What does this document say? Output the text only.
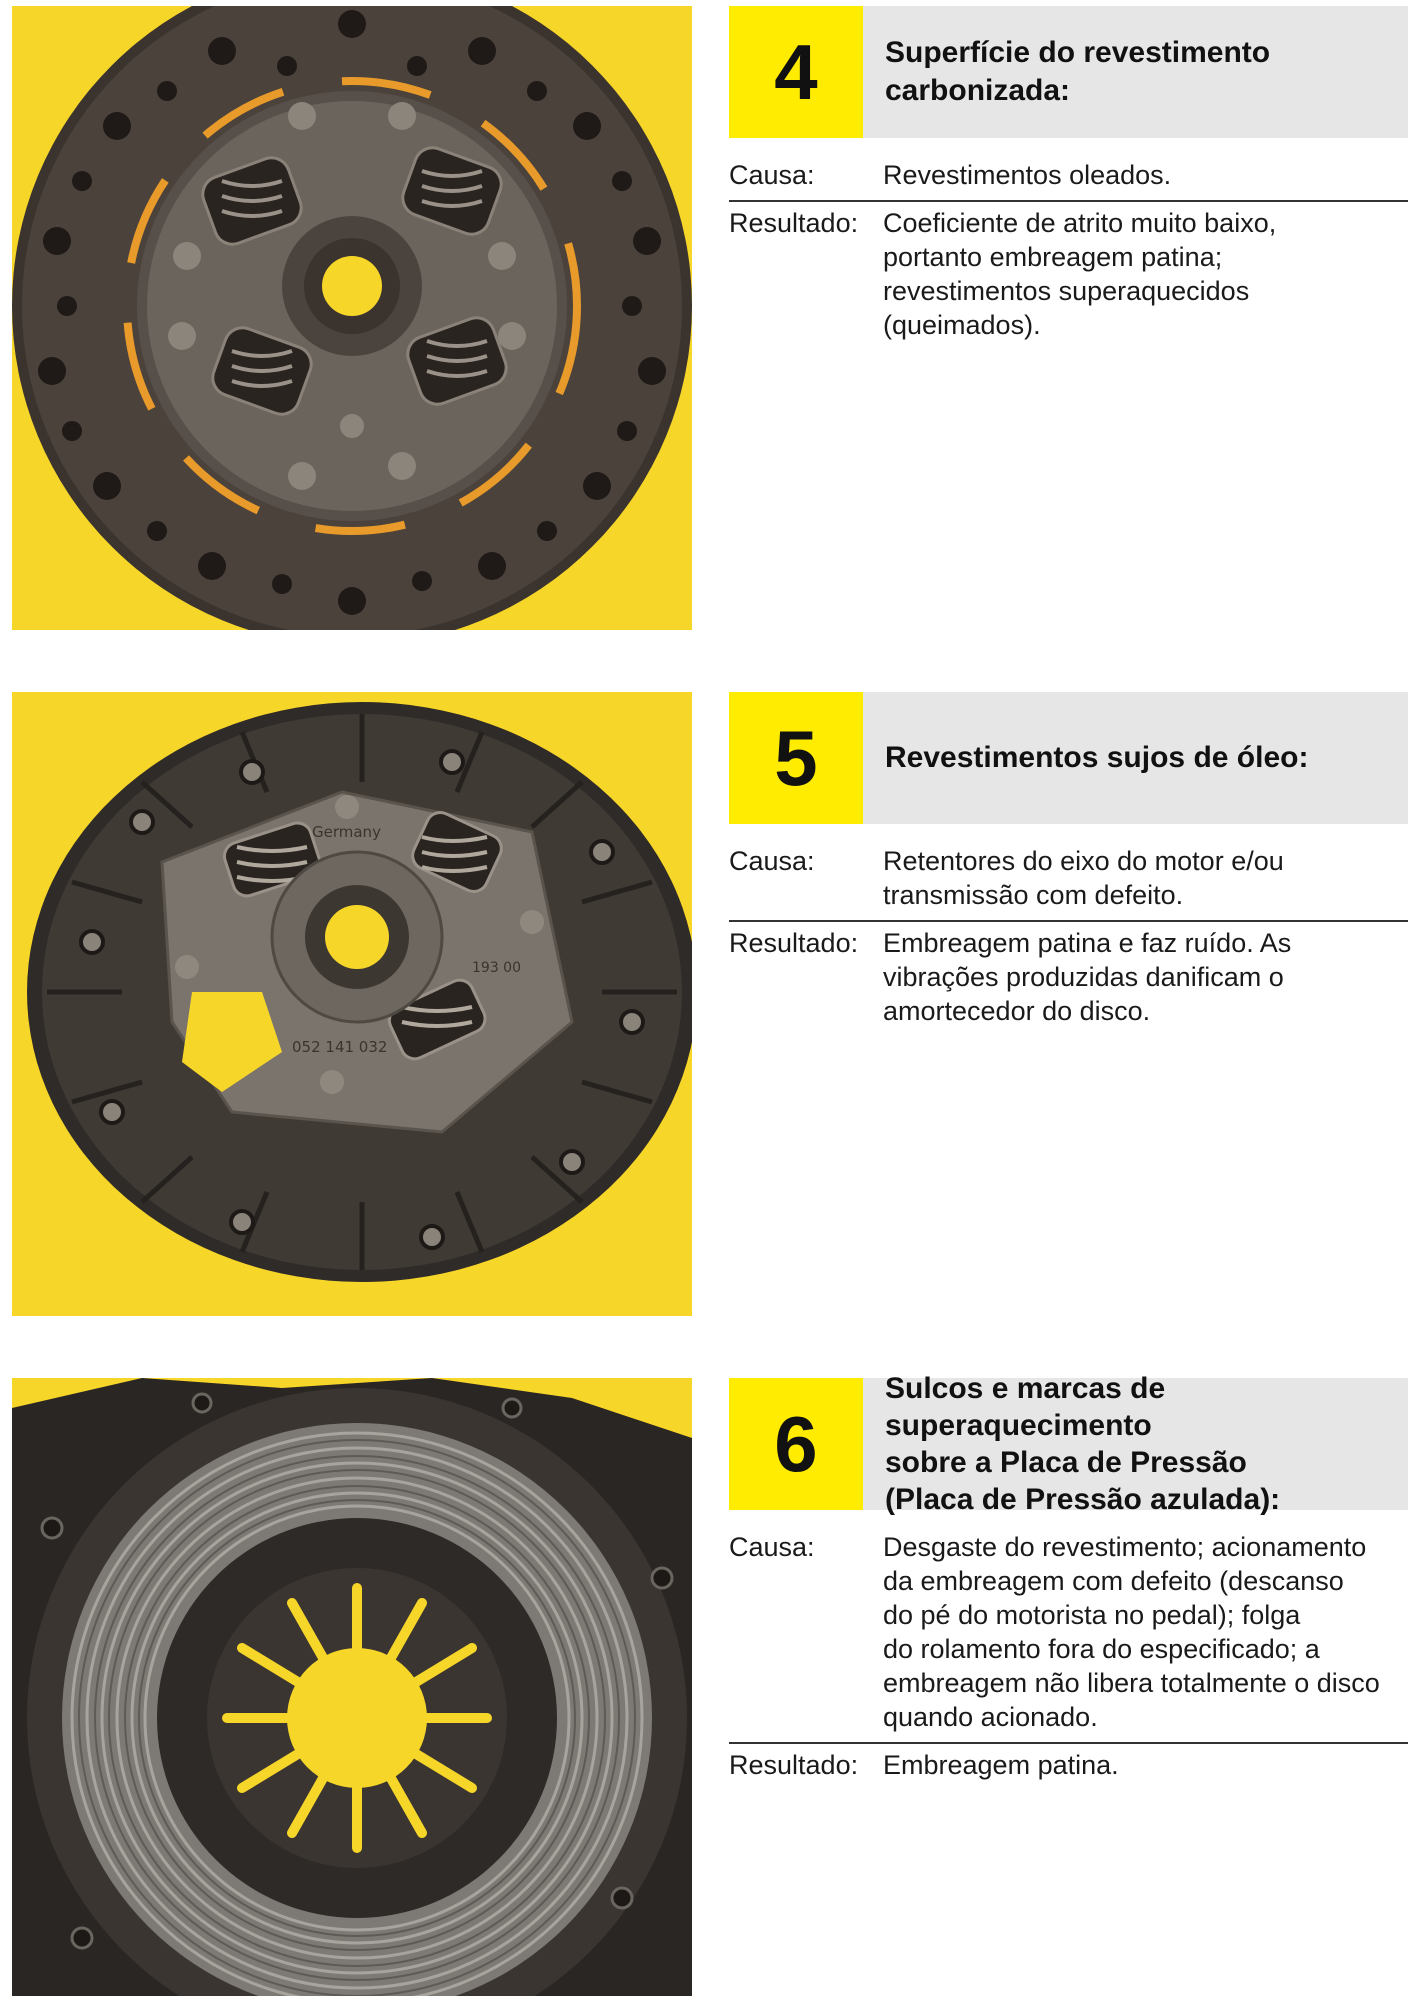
4	Superfície do revestimento
carbonizada:
Causa:	Revestimentos oleados.
Resultado: Coeficiente de atrito muito baixo,
portanto embreagem patina;
revestimentos superaquecidos
(queimados).
Germany
193 00
052 141 032
5	Revestimentos sujos de óleo:
Causa:	Retentores do eixo do motor e/ou
transmissão com defeito.
Resultado: Embreagem patina e faz ruído. As
vibrações produzidas danificam o
amortecedor do disco.
6
Sulcos e marcas de superaquecimento
sobre a Placa de Pressão
(Placa de Pressão azulada):
Causa:	Desgaste do revestimento; acionamento
da embreagem com defeito (descanso
do pé do motorista no pedal); folga
do rolamento fora do especificado; a
embreagem não libera totalmente o disco
quando acionado.
Resultado: Embreagem patina.
